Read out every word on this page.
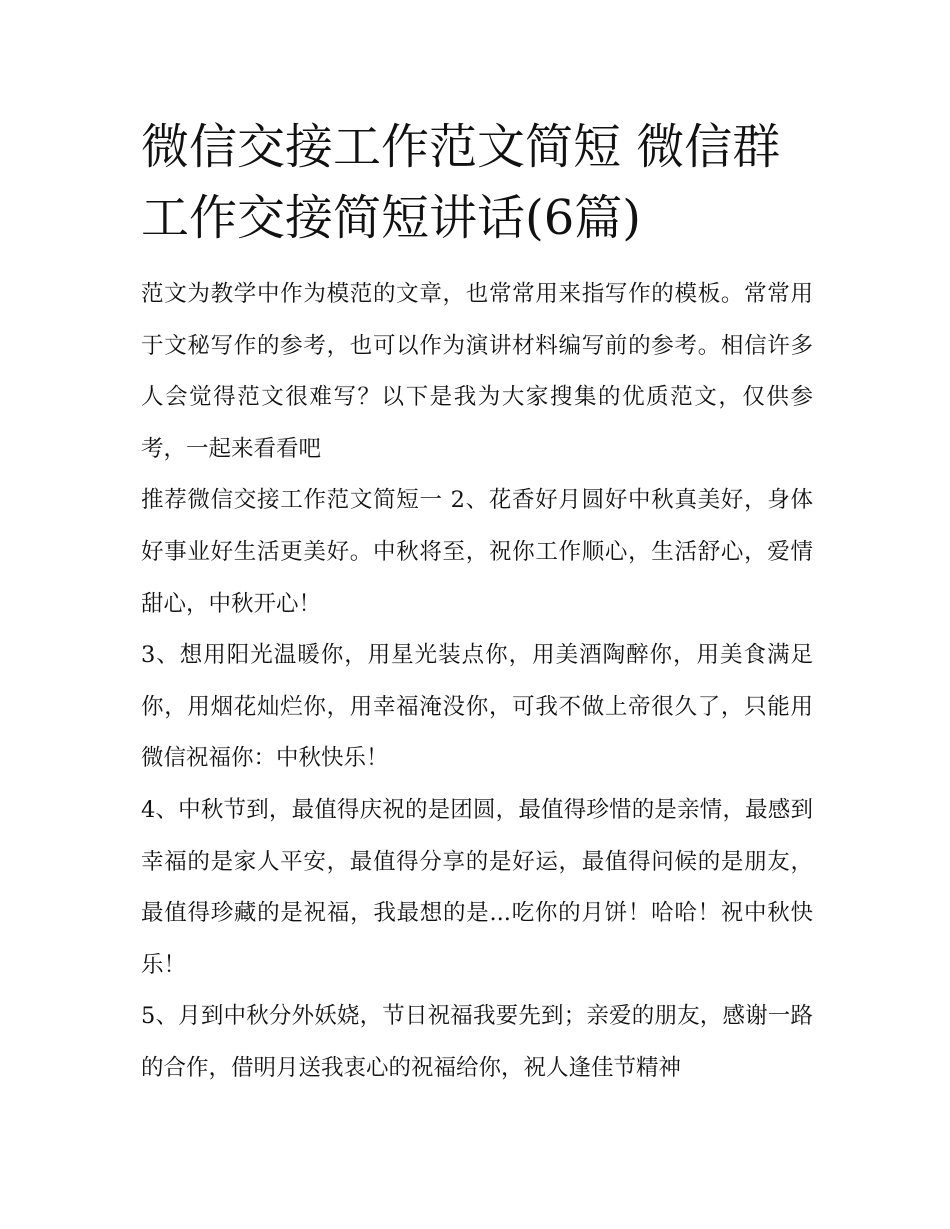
微信交接工作范文简短 微信群工作交接简短讲话(6篇)

范文为教学中作为模范的文章，也常常用来指写作的模板。常常用于文秘写作的参考，也可以作为演讲材料编写前的参考。相信许多人会觉得范文很难写？以下是我为大家搜集的优质范文，仅供参考，一起来看看吧

推荐微信交接工作范文简短一 2、花香好月圆好中秋真美好，身体好事业好生活更美好。中秋将至，祝你工作顺心，生活舒心，爱情甜心，中秋开心！

3、想用阳光温暖你，用星光装点你，用美酒陶醉你，用美食满足你，用烟花灿烂你，用幸福淹没你，可我不做上帝很久了，只能用微信祝福你：中秋快乐！

4、中秋节到，最值得庆祝的是团圆，最值得珍惜的是亲情，最感到幸福的是家人平安，最值得分享的是好运，最值得问候的是朋友，最值得珍藏的是祝福，我最想的是...吃你的月饼！哈哈！祝中秋快乐！

5、月到中秋分外妖娆，节日祝福我要先到；亲爱的朋友，感谢一路的合作，借明月送我衷心的祝福给你，祝人逢佳节精神
